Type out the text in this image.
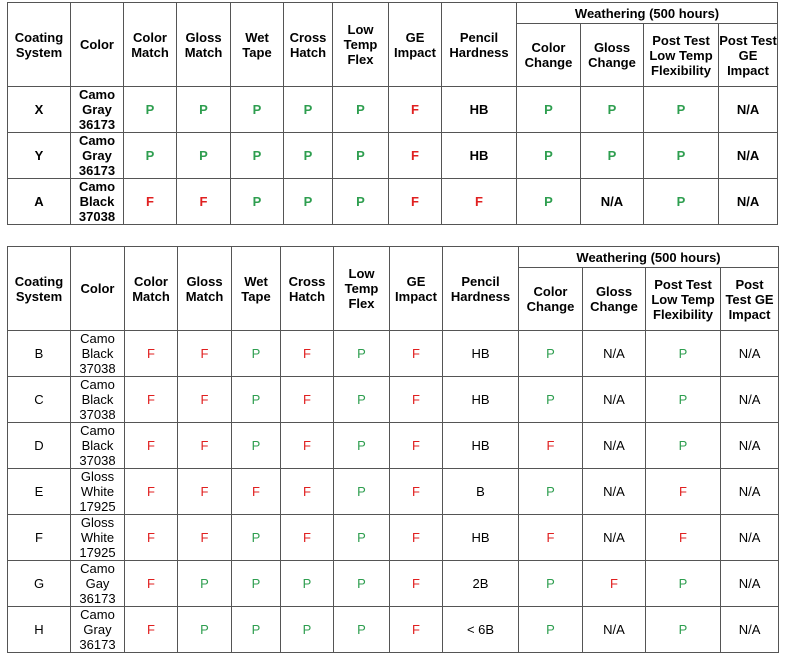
Coating System	Color	Color Match	Gloss Match	Wet Tape	Cross Hatch	Low Temp Flex	GE Impact	Pencil Hardness	Weathering (500 hours)			
									Color Change	Gloss Change	Post Test Low Temp Flexibility	Post Test GE Impact
X	Camo Gray 36173	P	P	P	P	P	F	HB	P	P	P	N/A
Y	Camo Gray 36173	P	P	P	P	P	F	HB	P	P	P	N/A
A	Camo Black 37038	F	F	P	P	P	F	F	P	N/A	P	N/A
Coating System	Color	Color Match	Gloss Match	Wet Tape	Cross Hatch	Low Temp Flex	GE Impact	Pencil Hardness	Weathering (500 hours)			
									Color Change	Gloss Change	Post Test Low Temp Flexibility	Post Test GE Impact
B	Camo Black 37038	F	F	P	F	P	F	HB	P	N/A	P	N/A
C	Camo Black 37038	F	F	P	F	P	F	HB	P	N/A	P	N/A
D	Camo Black 37038	F	F	P	F	P	F	HB	F	N/A	P	N/A
E	Gloss White 17925	F	F	F	F	P	F	B	P	N/A	F	N/A
F	Gloss White 17925	F	F	P	F	P	F	HB	F	N/A	F	N/A
G	Camo Gay 36173	F	P	P	P	P	F	2B	P	F	P	N/A
H	Camo Gray 36173	F	P	P	P	P	F	< 6B	P	N/A	P	N/A
